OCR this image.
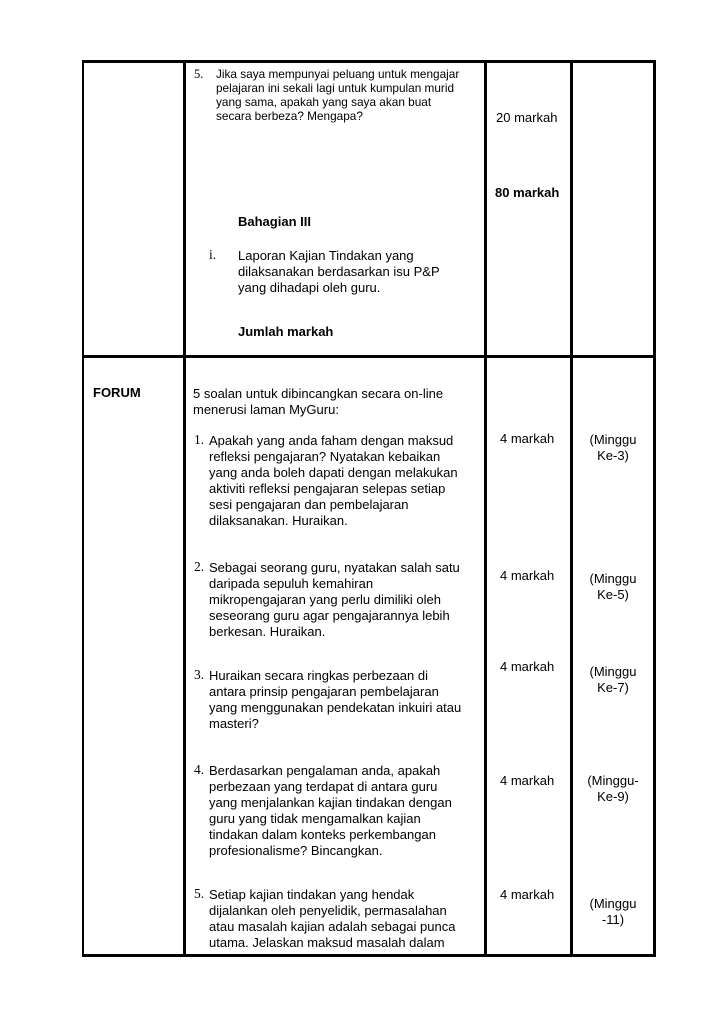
5. Jika saya mempunyai peluang untuk mengajar
pelajaran ini sekali lagi untuk kumpulan murid
yang sama, apakah yang saya akan buat
secara berbeza? Mengapa?	20 markah
80 markah
Bahagian III
i. Laporan Kajian Tindakan yang
dilaksanakan berdasarkan isu P&P
yang dihadapi oleh guru.
Jumlah markah
FORUM	5 soalan untuk dibincangkan secara on-line
menerusi laman MyGuru:
1. Apakah yang anda faham dengan maksud
refleksi pengajaran? Nyatakan kebaikan
yang anda boleh dapati dengan melakukan
aktiviti refleksi pengajaran selepas setiap
sesi pengajaran dan pembelajaran
dilaksanakan. Huraikan.
4 markah	(Minggu
Ke-3)
2. Sebagai seorang guru, nyatakan salah satu
daripada sepuluh kemahiran
mikropengajaran yang perlu dimiliki oleh
seseorang guru agar pengajarannya lebih
berkesan. Huraikan.
4 markah	(Minggu
Ke-5)
3. Huraikan secara ringkas perbezaan di
antara prinsip pengajaran pembelajaran
yang menggunakan pendekatan inkuiri atau
masteri?
4 markah	(Minggu
Ke-7)
4. Berdasarkan pengalaman anda, apakah
perbezaan yang terdapat di antara guru
yang menjalankan kajian tindakan dengan
guru yang tidak mengamalkan kajian
tindakan dalam konteks perkembangan
profesionalisme? Bincangkan.
4 markah	(Minggu-
Ke-9)
5. Setiap kajian tindakan yang hendak
dijalankan oleh penyelidik, permasalahan
atau masalah kajian adalah sebagai punca
utama. Jelaskan maksud masalah dalam
4 markah
(Minggu
-11)
